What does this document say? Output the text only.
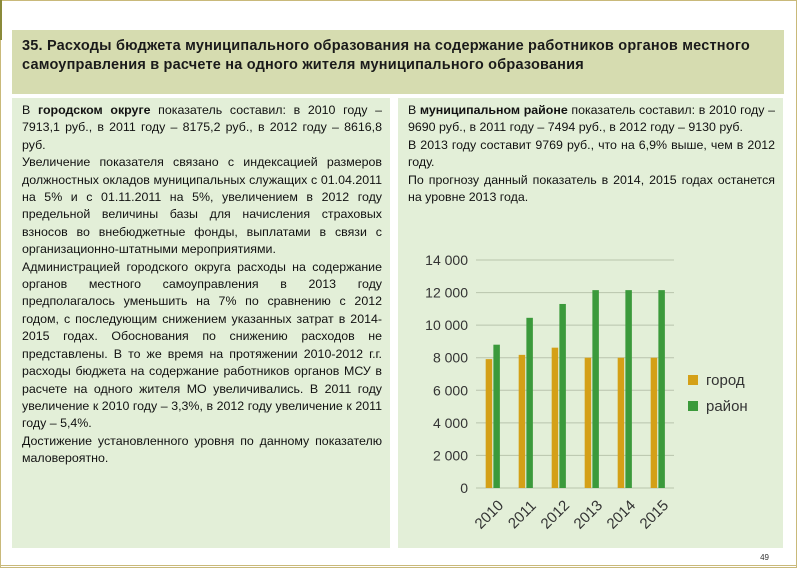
35. Расходы бюджета муниципального образования на содержание работников органов местного самоуправления в расчете на одного жителя муниципального образования

В городском округе показатель составил: в 2010 году – 7913,1 руб., в 2011 году – 8175,2 руб., в 2012 году – 8616,8 руб.

Увеличение показателя связано с индексацией размеров должностных окладов муниципальных служащих с 01.04.2011 на 5% и с 01.11.2011 на 5%, увеличением в 2012 году предельной величины базы для начисления страховых взносов во внебюджетные фонды, выплатами в связи с организационно-штатными мероприятиями.

Администрацией городского округа расходы на содержание органов местного самоуправления в 2013 году предполагалось уменьшить на 7% по сравнению с 2012 годом, с последующим снижением указанных затрат в 2014-2015 годах. Обоснования по снижению расходов не представлены. В то же время на протяжении 2010-2012 г.г. расходы бюджета на содержание работников органов МСУ в расчете на одного жителя МО увеличивались. В 2011 году увеличение к 2010 году – 3,3%, в 2012 году увеличение к 2011 году – 5,4%.

Достижение установленного уровня по данному показателю маловероятно.

В муниципальном районе показатель составил: в 2010 году – 9690 руб., в 2011 году – 7494 руб., в 2012 году – 9130 руб.

В 2013 году составит 9769 руб., что на 6,9% выше, чем в 2012 году.

По прогнозу данный показатель в 2014, 2015 годах останется на уровне 2013 года.

0
2 000
4 000
6 000
8 000
10 000
12 000
14 000
2010
2011
2012
2013
2014
2015
город
район
49
